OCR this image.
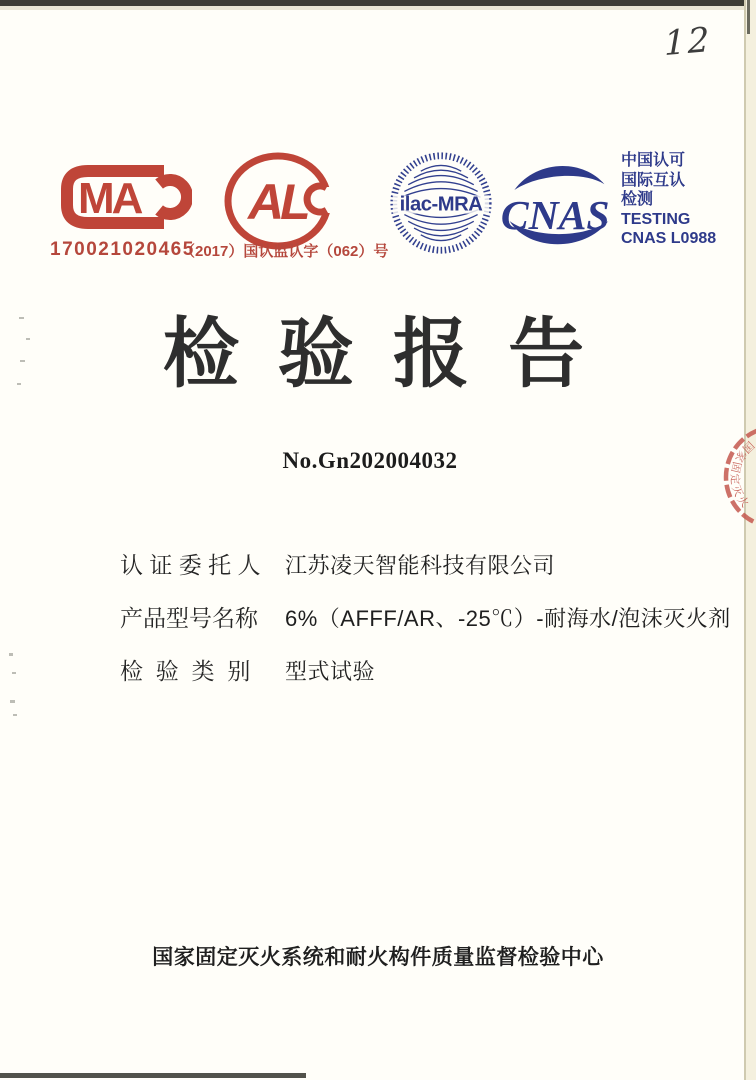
12
MA
170021020465
AL
（2017）国认监认字（062）号
ilac-MRA CNAS
中国认可
国际互认
检测
TESTING
CNAS L0988
检 验 报 告
No.Gn202004032
认 证 委 托 人	江苏凌天智能科技有限公司
产品型号名称	6%（AFFF/AR、-25℃）-耐海水/泡沫灭火剂
检  验  类  别	型式试验
国家固定灭火系统和耐火构件质量监督检验中心
国家固定灭火
